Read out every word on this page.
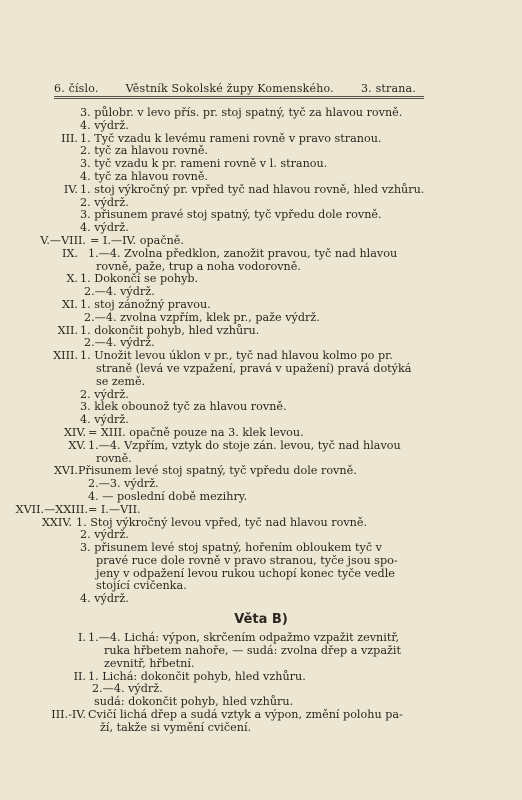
6. číslo. Věstník Sokolské župy Komenského. 3. strana.
3. půlobr. v levo přís. pr. stoj spatný, tyč za hlavou rovně.
4. výdrž.
III. 1. Tyč vzadu k levému rameni rovně v pravo stranou.
2. tyč za hlavou rovně.
3. tyč vzadu k pr. rameni rovně v l. stranou.
4. tyč za hlavou rovně.
IV. 1. stoj výkročný pr. vpřed tyč nad hlavou rovně, hled vzhůru.
2. výdrž.
3. přisunem pravé stoj spatný, tyč vpředu dole rovně.
4. výdrž.
V.—VIII. = I.—IV. opačně.
IX. 1.—4. Zvolna předklon, zanožit pravou, tyč nad hlavou
rovně, paže, trup a noha vodorovně.
X. 1. Dokončí se pohyb.
2.—4. výdrž.
XI. 1. stoj zánožný pravou.
2.—4. zvolna vzpřím, klek pr., paže výdrž.
XII. 1. dokončit pohyb, hled vzhůru.
2.—4. výdrž.
XIII. 1. Unožit levou úklon v pr., tyč nad hlavou kolmo po pr.
straně (levá ve vzpažení, pravá v upažení) pravá dotýká
se země.
2. výdrž.
3. klek obounož tyč za hlavou rovně.
4. výdrž.
XIV. = XIII. opačně pouze na 3. klek levou.
XV. 1.—4. Vzpřím, vztyk do stoje zán. levou, tyč nad hlavou
rovně.
XVI. Přisunem levé stoj spatný, tyč vpředu dole rovně.
2.—3. výdrž.
4. — poslední době mezihry.
XVII.—XXIII. = I.—VII.
XXIV. 1. Stoj výkročný levou vpřed, tyč nad hlavou rovně.
2. výdrž.
3. přisunem levé stoj spatný, hořením obloukem tyč v
pravé ruce dole rovně v pravo stranou, tyče jsou spo-
jeny v odpažení levou rukou uchopí konec tyče vedle
stojící cvičenka.
4. výdrž.
Věta B)
I. 1.—4. Lichá: výpon, skrčením odpažmo vzpažit zevnitř,
ruka hřbetem nahoře, — sudá: zvolna dřep a vzpažit
zevnitř, hřbetní.
II. 1. Lichá: dokončit pohyb, hled vzhůru.
2.—4. výdrž.
sudá: dokončit pohyb, hled vzhůru.
III.-IV. Cvičí lichá dřep a sudá vztyk a výpon, změní polohu pa-
ží, takže si vymění cvičení.
